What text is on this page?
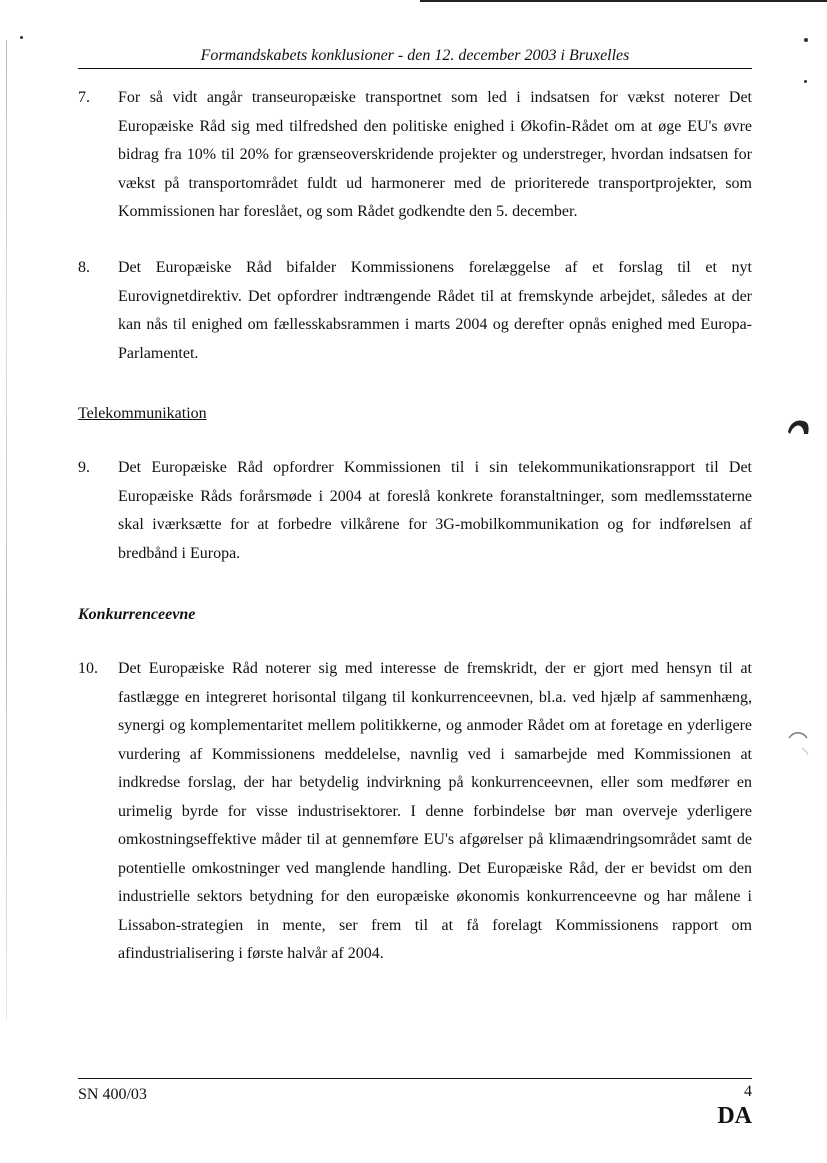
Formandskabets konklusioner - den 12. december 2003 i Bruxelles
7. For så vidt angår transeuropæiske transportnet som led i indsatsen for vækst noterer Det Europæiske Råd sig med tilfredshed den politiske enighed i Økofin-Rådet om at øge EU's øvre bidrag fra 10% til 20% for grænseoverskridende projekter og understreger, hvordan indsatsen for vækst på transportområdet fuldt ud harmonerer med de prioriterede transportprojekter, som Kommissionen har foreslået, og som Rådet godkendte den 5. december.
8. Det Europæiske Råd bifalder Kommissionens forelæggelse af et forslag til et nyt Eurovignetdirektiv. Det opfordrer indtrængende Rådet til at fremskynde arbejdet, således at der kan nås til enighed om fællesskabsrammen i marts 2004 og derefter opnås enighed med Europa-Parlamentet.
Telekommunikation
9. Det Europæiske Råd opfordrer Kommissionen til i sin telekommunikationsrapport til Det Europæiske Råds forårsmøde i 2004 at foreslå konkrete foranstaltninger, som medlemsstaterne skal iværksætte for at forbedre vilkårene for 3G-mobilkommunikation og for indførelsen af bredbånd i Europa.
Konkurrenceevne
10. Det Europæiske Råd noterer sig med interesse de fremskridt, der er gjort med hensyn til at fastlægge en integreret horisontal tilgang til konkurrenceevnen, bl.a. ved hjælp af sammenhæng, synergi og komplementaritet mellem politikkerne, og anmoder Rådet om at foretage en yderligere vurdering af Kommissionens meddelelse, navnlig ved i samarbejde med Kommissionen at indkredse forslag, der har betydelig indvirkning på konkurrenceevnen, eller som medfører en urimelig byrde for visse industrisektorer. I denne forbindelse bør man overveje yderligere omkostningseffektive måder til at gennemføre EU's afgørelser på klimaændringsområdet samt de potentielle omkostninger ved manglende handling. Det Europæiske Råd, der er bevidst om den industrielle sektors betydning for den europæiske økonomis konkurrenceevne og har målene i Lissabon-strategien in mente, ser frem til at få forelagt Kommissionens rapport om afindustrialisering i første halvår af 2004.
SN 400/03	4
DA
